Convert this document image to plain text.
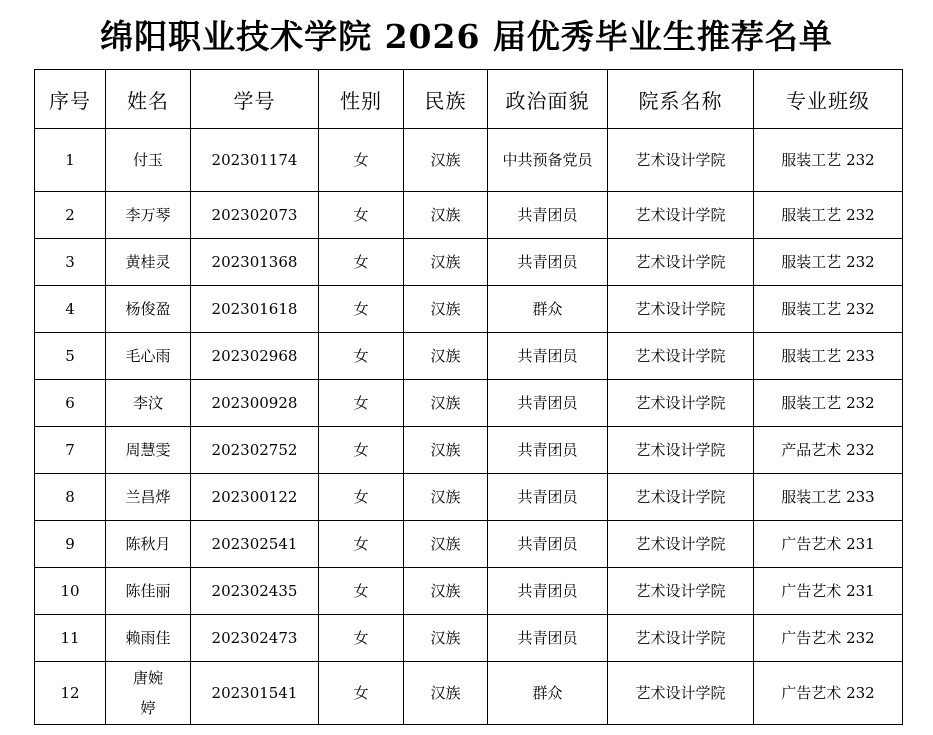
绵阳职业技术学院 2026 届优秀毕业生推荐名单
序号	姓名	学号	性别	民族	政治面貌	院系名称	专业班级
1	付玉	202301174	女	汉族	中共预备党员	艺术设计学院	服装工艺 232
2	李万琴	202302073	女	汉族	共青团员	艺术设计学院	服装工艺 232
3	黄桂灵	202301368	女	汉族	共青团员	艺术设计学院	服装工艺 232
4	杨俊盈	202301618	女	汉族	群众	艺术设计学院	服装工艺 232
5	毛心雨	202302968	女	汉族	共青团员	艺术设计学院	服装工艺 233
6	李汶	202300928	女	汉族	共青团员	艺术设计学院	服装工艺 232
7	周慧雯	202302752	女	汉族	共青团员	艺术设计学院	产品艺术 232
8	兰昌烨	202300122	女	汉族	共青团员	艺术设计学院	服装工艺 233
9	陈秋月	202302541	女	汉族	共青团员	艺术设计学院	广告艺术 231
10	陈佳丽	202302435	女	汉族	共青团员	艺术设计学院	广告艺术 231
11	赖雨佳	202302473	女	汉族	共青团员	艺术设计学院	广告艺术 232
12	唐婉婷	202301541	女	汉族	群众	艺术设计学院	广告艺术 232
